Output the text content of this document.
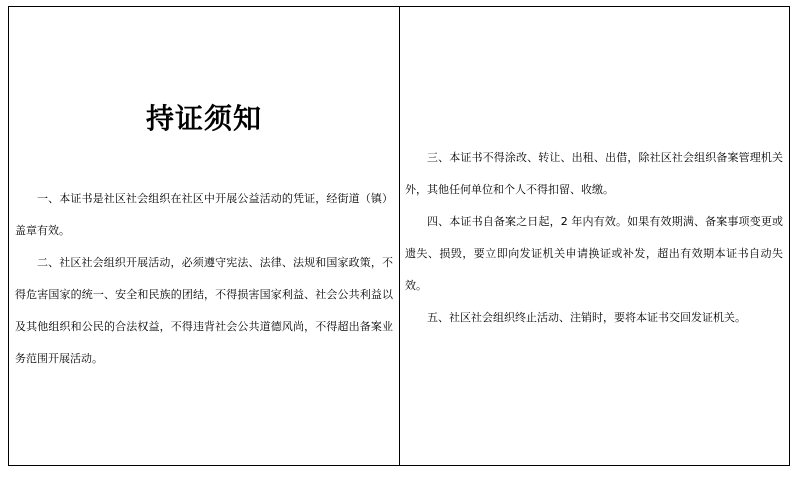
持证须知

一、本证书是社区社会组织在社区中开展公益活动的凭证，经街道（镇）盖章有效。

二、社区社会组织开展活动，必须遵守宪法、法律、法规和国家政策，不得危害国家的统一、安全和民族的团结，不得损害国家利益、社会公共利益以及其他组织和公民的合法权益，不得违背社会公共道德风尚，不得超出备案业务范围开展活动。

三、本证书不得涂改、转让、出租、出借，除社区社会组织备案管理机关外，其他任何单位和个人不得扣留、收缴。

四、本证书自备案之日起，2 年内有效。如果有效期满、备案事项变更或遗失、损毁，要立即向发证机关申请换证或补发，超出有效期本证书自动失效。

五、社区社会组织终止活动、注销时，要将本证书交回发证机关。
